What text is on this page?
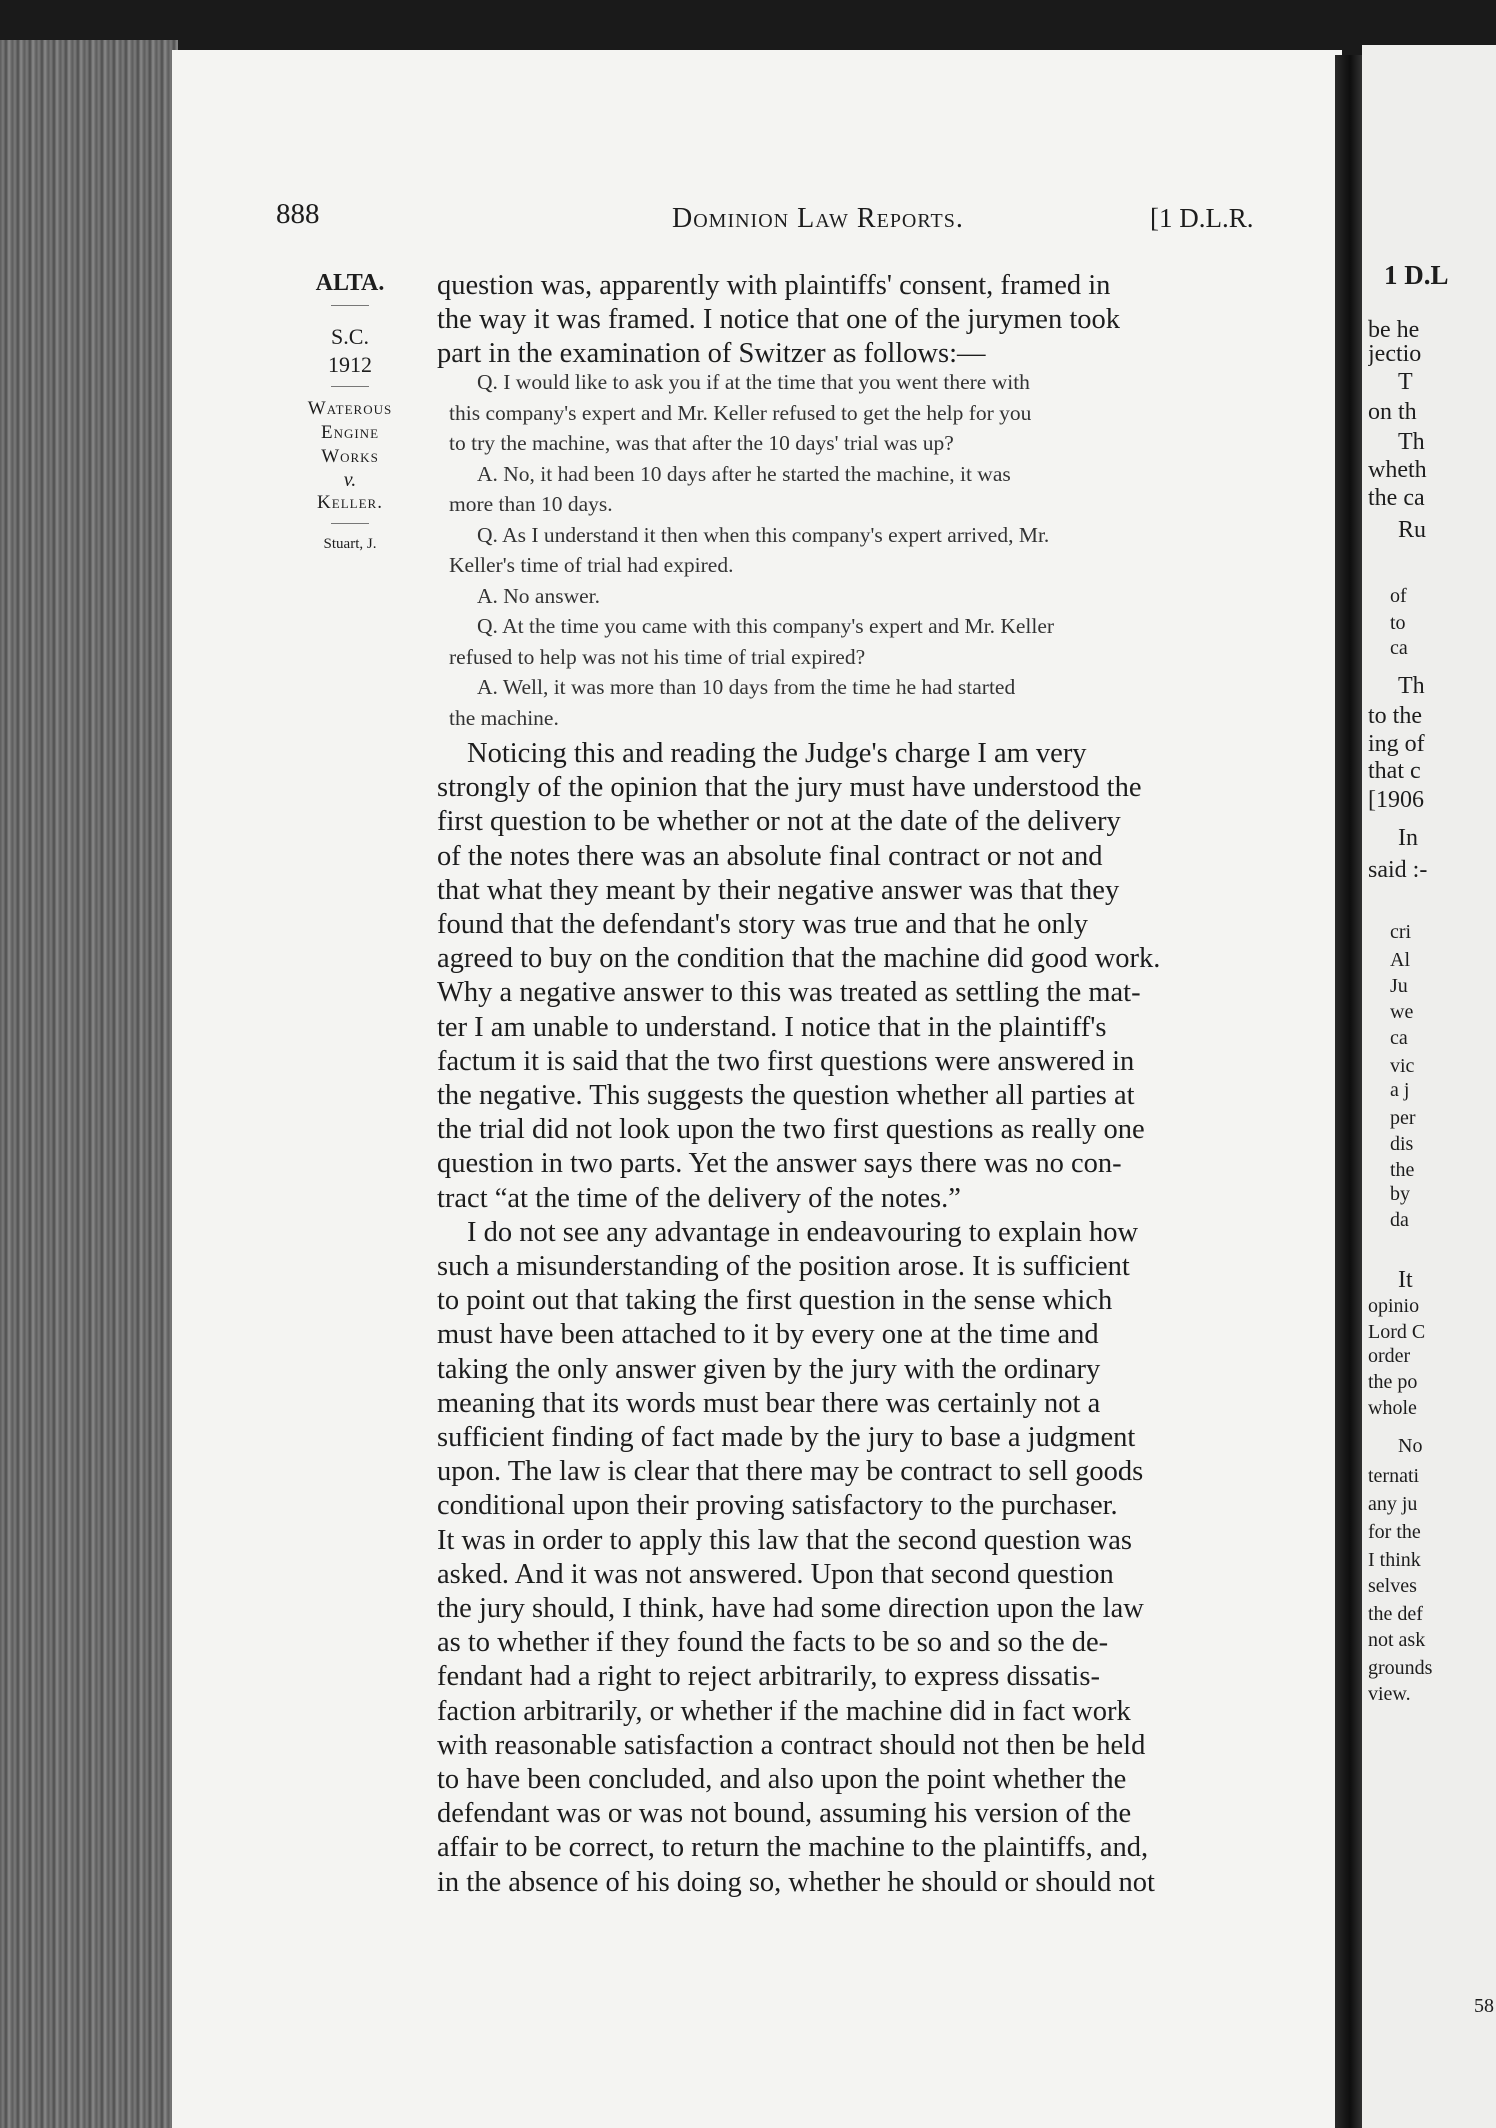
1 D.L
be he
jectio
T
on th
Th
wheth
the ca
Ru
of
to
ca
Th
to the
ing of
that c
[1906
In
said :-
cri
Al
Ju
we
ca
vic
a j
per
dis
the
by
da
It
opinio
Lord C
order
the po
whole
No
ternati
any ju
for the
I think
selves
the def
not ask
grounds
view.
58
888	Dominion Law Reports.	[1 D.L.R.
ALTA.
S.C.
1912
Waterous
Engine
Works
v.
Keller.
Stuart, J.
question was, apparently with plaintiffs' consent, framed in
the way it was framed. I notice that one of the jurymen took
part in the examination of Switzer as follows:—
Q. I would like to ask you if at the time that you went there with
this company's expert and Mr. Keller refused to get the help for you
to try the machine, was that after the 10 days' trial was up?
A. No, it had been 10 days after he started the machine, it was
more than 10 days.
Q. As I understand it then when this company's expert arrived, Mr.
Keller's time of trial had expired.
A. No answer.
Q. At the time you came with this company's expert and Mr. Keller
refused to help was not his time of trial expired?
A. Well, it was more than 10 days from the time he had started
the machine.
Noticing this and reading the Judge's charge I am very
strongly of the opinion that the jury must have understood the
first question to be whether or not at the date of the delivery
of the notes there was an absolute final contract or not and
that what they meant by their negative answer was that they
found that the defendant's story was true and that he only
agreed to buy on the condition that the machine did good work.
Why a negative answer to this was treated as settling the mat-
ter I am unable to understand. I notice that in the plaintiff's
factum it is said that the two first questions were answered in
the negative. This suggests the question whether all parties at
the trial did not look upon the two first questions as really one
question in two parts. Yet the answer says there was no con-
tract “at the time of the delivery of the notes.”
I do not see any advantage in endeavouring to explain how
such a misunderstanding of the position arose. It is sufficient
to point out that taking the first question in the sense which
must have been attached to it by every one at the time and
taking the only answer given by the jury with the ordinary
meaning that its words must bear there was certainly not a
sufficient finding of fact made by the jury to base a judgment
upon. The law is clear that there may be contract to sell goods
conditional upon their proving satisfactory to the purchaser.
It was in order to apply this law that the second question was
asked. And it was not answered. Upon that second question
the jury should, I think, have had some direction upon the law
as to whether if they found the facts to be so and so the de-
fendant had a right to reject arbitrarily, to express dissatis-
faction arbitrarily, or whether if the machine did in fact work
with reasonable satisfaction a contract should not then be held
to have been concluded, and also upon the point whether the
defendant was or was not bound, assuming his version of the
affair to be correct, to return the machine to the plaintiffs, and,
in the absence of his doing so, whether he should or should not
